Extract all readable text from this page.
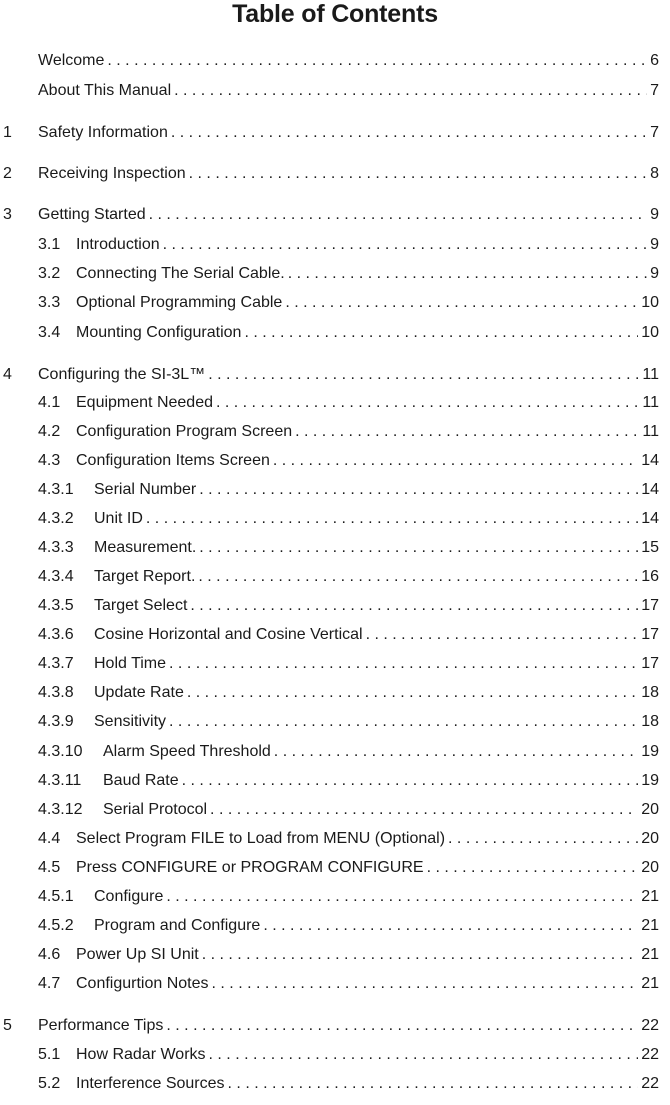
Table of Contents
Welcome . . .	6
About This Manual . . .	7
1 Safety Information . . .	7
2 Receiving Inspection . . .	8
3 Getting Started . . .	9
3.1 Introduction . . .	9
3.2 Connecting The Serial Cable. . . .	9
3.3 Optional Programming Cable . . .	10
3.4 Mounting Configuration . . .	10
4 Configuring the SI-3L™ . . .	11
4.1 Equipment Needed . . .	11
4.2 Configuration Program Screen . . .	11
4.3 Configuration Items Screen . . .	14
4.3.1	Serial Number . . .	14
4.3.2	Unit ID . . .	14
4.3.3	Measurement. . . .	15
4.3.4	Target Report. . . .	16
4.3.5	Target Select . . .	17
4.3.6	Cosine Horizontal and Cosine Vertical . . .	17
4.3.7	Hold Time . . .	17
4.3.8	Update Rate . . .	18
4.3.9	Sensitivity . . .	18
4.3.10	Alarm Speed Threshold . . .	19
4.3.11	Baud Rate . . .	19
4.3.12	Serial Protocol . . .	20
4.4 Select Program FILE to Load from MENU (Optional) . . .	20
4.5 Press CONFIGURE or PROGRAM CONFIGURE . . .	20
4.5.1	Configure . . .	21
4.5.2	Program and Configure . . .	21
4.6 Power Up SI Unit . . .	21
4.7 Configurtion Notes . . .	21
5 Performance Tips . . .	22
5.1 How Radar Works . . .	22
5.2 Interference Sources . . .	22
